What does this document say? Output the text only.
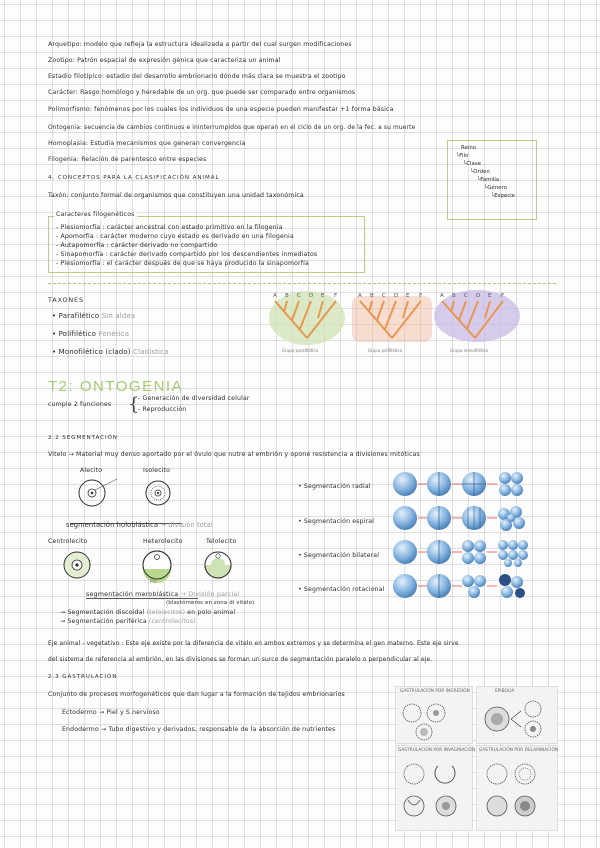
Arquetipo: modelo que refleja la estructura idealizada a partir del cual surgen modificaciones
Zootipo: Patrón espacial de expresión génica que caracteriza un animal
Estadio filotípico: estadio del desarrollo embrionario dónde más clara se muestra el zootipo
Carácter: Rasgo homólogo y heredable de un org. que puede ser comparado entre organismos
Polimorfismo: fenómenos por los cuales los individuos de una especie pueden manifestar +1 forma básica
Ontogenia: secuencia de cambios continuos e ininterrumpidos que operan en el ciclo de un org. de la fec. a su muerte
Homoplasia: Estudia mecanismos que generan convergencia
Filogenia: Relación de parentesco entre especies
4. CONCEPTOS PARA LA CLASIFICACIÓN ANIMAL
Taxón: conjunto formal de organismos que constituyen una unidad taxonómica
Reino
└Filo
└Clase
└Orden
└Familia
└Género
└Especie
Caracteres filogenéticos
- Plesiomorfía : carácter ancestral con estado primitivo en la filogenia
- Apomorfía : carácter moderno cuyo estado es derivado en una filogenia
- Autapomorfía : carácter derivado no compartido
- Sinapomorfía : carácter derivado compartido por los descendientes inmediatos
- Plesiomorfía : el carácter después de que se haya producido la sinapomorfía
TAXONES
• Parafilético Sin aldea
• Polifilético Fenética
• Monofilético (clado) Cladística
A B C D E F	A B C D E F	A B C D E F
Grupo parafilético	Grupo polifilético	Grupo monofilético
T2: ONTOGENIA
cumple 2 funciones {
- Generación de diversidad celular
- Reproducción
2.2 SEGMENTACIÓN
Vitelo → Material muy denso aportado por el óvulo que nutre al embrión y opone resistencia a divisiones mitóticas
Alecito	Isolecito
segmentación holoblástica → división total
Centrolecito	Heterolecito	Telolecito
P.V
segmentación meroblástica → División parcial
(blastómeros en zona di vitelo)
→ Segmentación discoidal (telolecitos) en polo animal
→ Segmentación periférica (centrolecitos)
• Segmentación radial
• Segmentación espiral
• Segmentación bilateral
• Segmentación rotacional
Eje animal - vegetativo : Este eje existe por la diferencia de vitelo en ambos extremos y se determina el gen materno. Este eje sirve
del sistema de referencia al embrión, en las divisiones se forman un surco de segmentación paralelo o perpendicular al eje.
2.3 GASTRULACIÓN
Conjunto de procesos morfogenéticos que dan lugar a la formación de tejidos embrionarios
Ectodermo → Piel y S.nervioso
Endodermo → Tubo digestivo y derivados, responsable de la absorción de nutrientes
GASTRULACIÓN POR INGRESIÓN	EPIBOLIA
GASTRULACIÓN POR INVAGINACIÓN GASTRULACIÓN POR DELAMINACIÓN
